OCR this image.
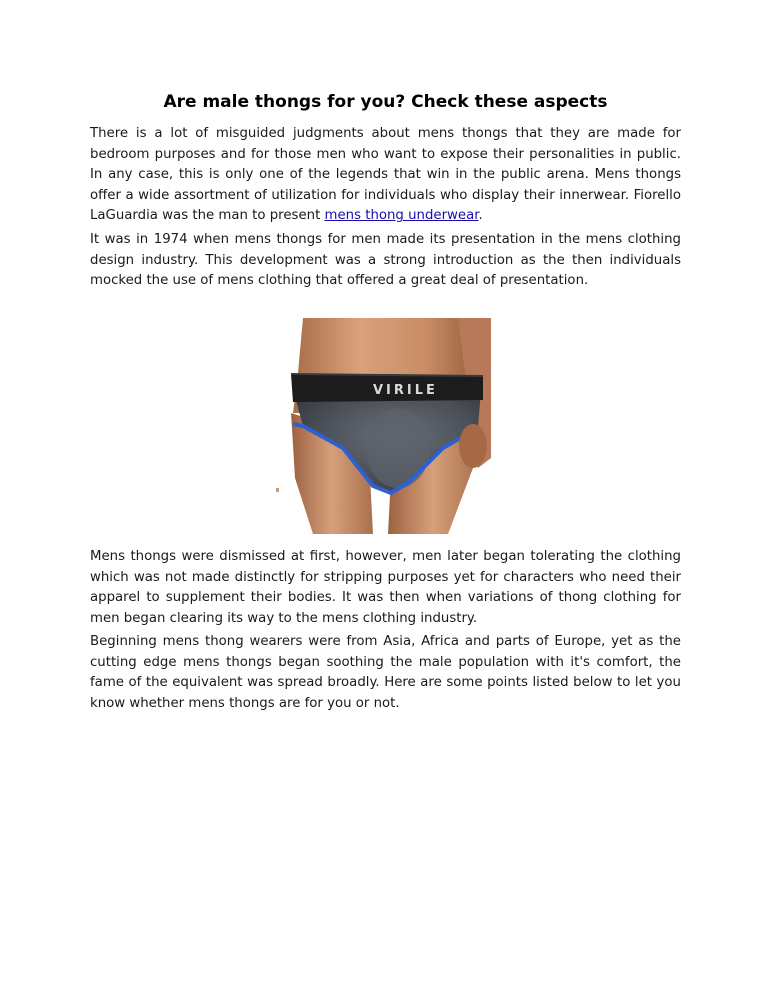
Are male thongs for you? Check these aspects

There is a lot of misguided judgments about mens thongs that they are made for bedroom purposes and for those men who want to expose their personalities in public. In any case, this is only one of the legends that win in the public arena. Mens thongs offer a wide assortment of utilization for individuals who display their innerwear. Fiorello LaGuardia was the man to present mens thong underwear.

It was in 1974 when mens thongs for men made its presentation in the mens clothing design industry. This development was a strong introduction as the then individuals mocked the use of mens clothing that offered a great deal of presentation.

VIRILE

Mens thongs were dismissed at first, however, men later began tolerating the clothing which was not made distinctly for stripping purposes yet for characters who need their apparel to supplement their bodies. It was then when variations of thong clothing for men began clearing its way to the mens clothing industry.

Beginning mens thong wearers were from Asia, Africa and parts of Europe, yet as the cutting edge mens thongs began soothing the male population with it's comfort, the fame of the equivalent was spread broadly. Here are some points listed below to let you know whether mens thongs are for you or not.
